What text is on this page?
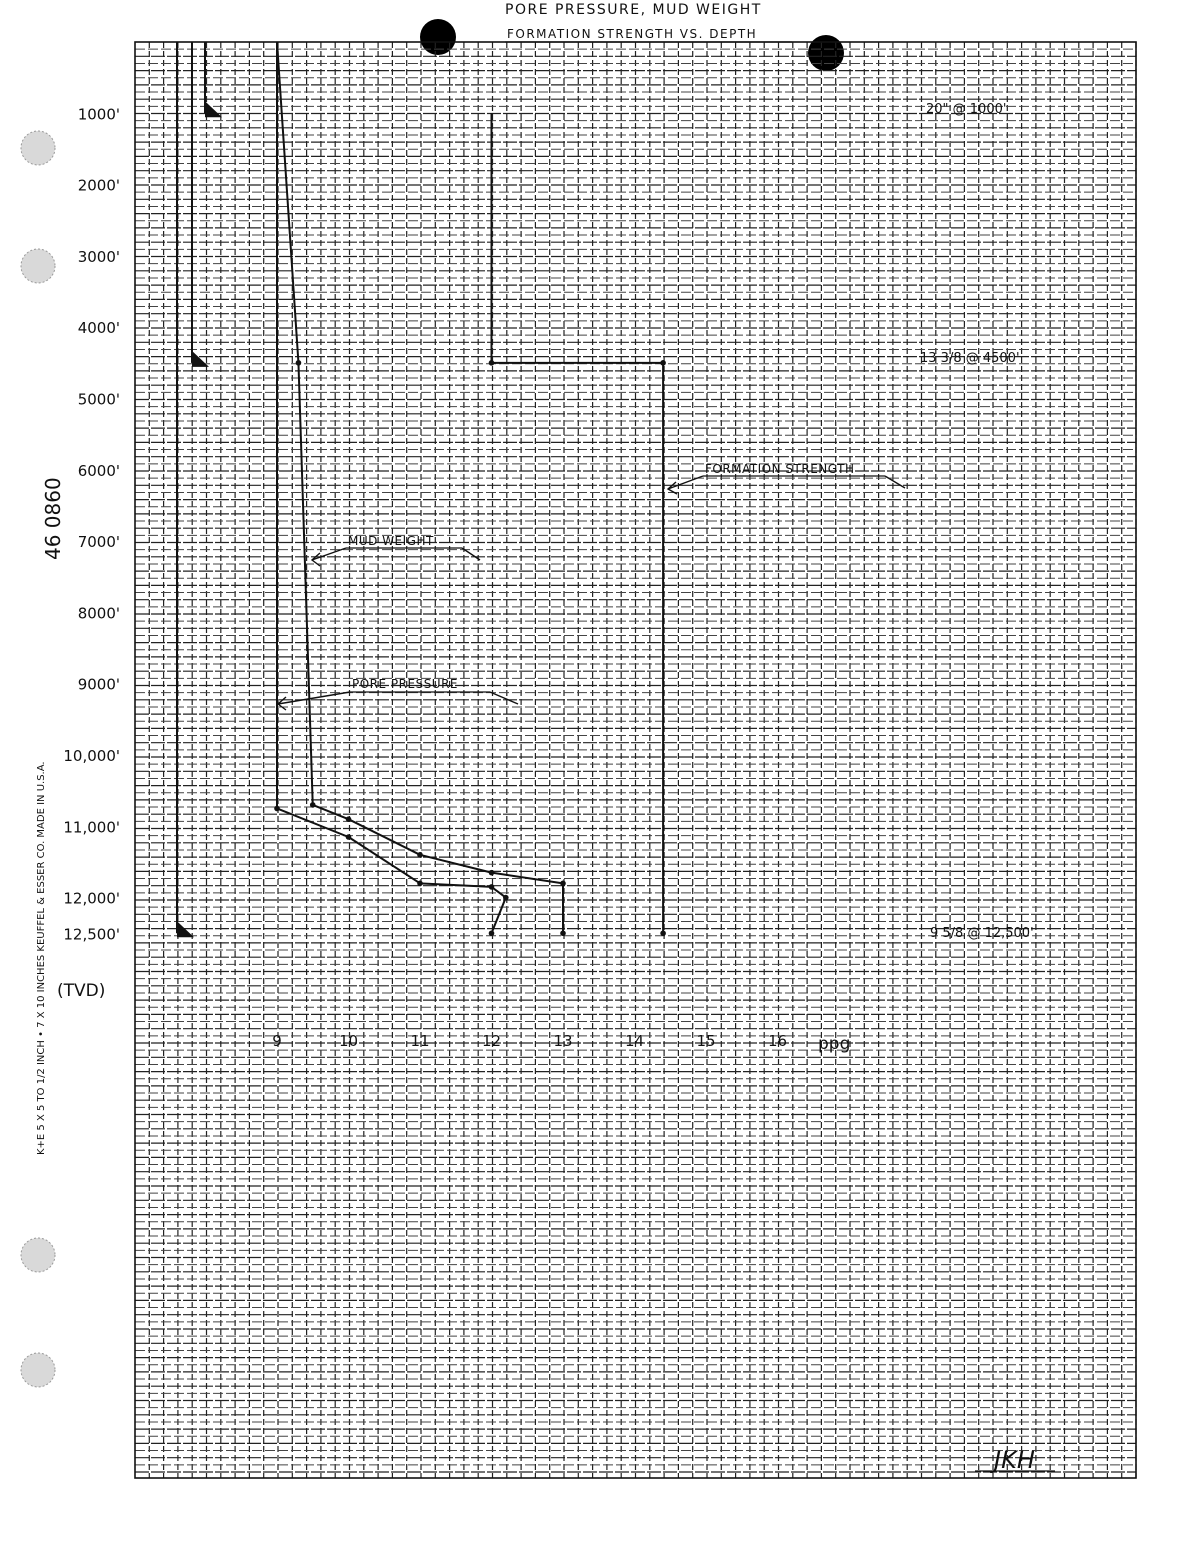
PORE PRESSURE, MUD WEIGHT
FORMATION STRENGTH VS. DEPTH
1000'
2000'
3000'
4000'
5000'
6000'
7000'
8000'
9000'
10,000'
11,000'
12,000'
12,500'
9	10	11	12	13	14	15	16 ppg
(TVD)
FORMATION STRENGTH
MUD WEIGHT
PORE PRESSURE
20" @ 1000'
13 3/8 @ 4500'
9 5/8 @ 12,500'
46 0860
K+E 5 X 5 TO 1/2 INCH • 7 X 10 INCHES KEUFFEL & ESSER CO. MADE IN U.S.A.
JKH
